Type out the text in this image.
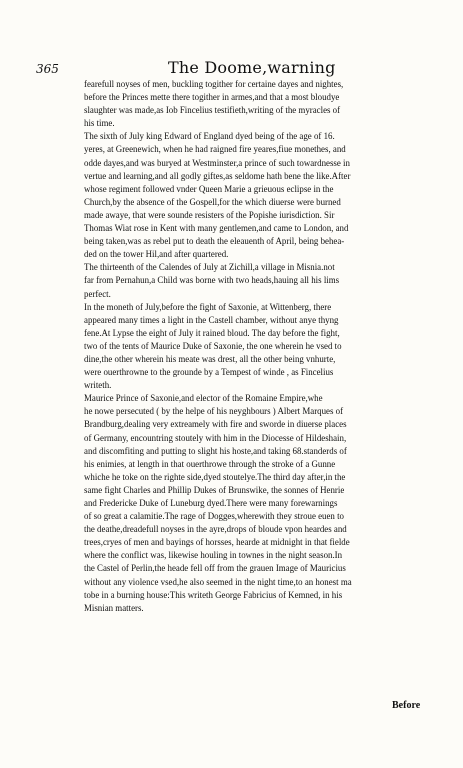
365	The Doome,warning
fearefull noyses of men, buckling togither for certaine dayes and nightes,
before the Princes mette there togither in armes,and that a most bloudye
slaughter was made,as Iob Fincelius testifieth,writing of the myracles of
his time.
The sixth of July king Edward of England dyed being of the age of 16.
yeres, at Greenewich, when he had raigned fire yeares,fiue monethes, and
odde dayes,and was buryed at Westminster,a prince of such towardnesse in
vertue and learning,and all godly giftes,as seldome hath bene the like.After
whose regiment followed vnder Queen Marie a grieuous eclipse in the
Church,by the absence of the Gospell,for the which diuerse were burned
made awaye, that were sounde resisters of the Popishe iurisdiction. Sir
Thomas Wiat rose in Kent with many gentlemen,and came to London, and
being taken,was as rebel put to death the eleauenth of April, being behea-
ded on the tower Hil,and after quartered.
The thirteenth of the Calendes of July at Zichill,a village in Misnia.not
far from Pernahun,a Child was borne with two heads,hauing all his lims
perfect.
In the moneth of July,before the fight of Saxonie, at Wittenberg, there
appeared many times a light in the Castell chamber, without anye thyng
fene.At Lypse the eight of July it rained bloud. The day before the fight,
two of the tents of Maurice Duke of Saxonie, the one wherein he vsed to
dine,the other wherein his meate was drest, all the other being vnhurte,
were ouerthrowne to the grounde by a Tempest of winde , as Fincelius
writeth.
Maurice Prince of Saxonie,and elector of the Romaine Empire,whe
he nowe persecuted ( by the helpe of his neyghbours ) Albert Marques of
Brandburg,dealing very extreamely with fire and sworde in diuerse places
of Germany, encountring stoutely with him in the Diocesse of Hildeshain,
and discomfiting and putting to slight his hoste,and taking 68.standerds of
his enimies, at length in that ouerthrowe through the stroke of a Gunne
whiche he toke on the righte side,dyed stoutelye.The third day after,in the
same fight Charles and Phillip Dukes of Brunswike, the sonnes of Henrie
and Fredericke Duke of Luneburg dyed.There were many forewarnings
of so great a calamitie.The rage of Dogges,wherewith they stroue euen to
the deathe,dreadefull noyses in the ayre,drops of bloude vpon heardes and
trees,cryes of men and bayings of horsses, hearde at midnight in that fielde
where the conflict was, likewise houling in townes in the night season.In
the Castel of Perlin,the heade fell off from the grauen Image of Mauricius
without any violence vsed,he also seemed in the night time,to an honest ma
tobe in a burning house:This writeth George Fabricius of Kemned, in his
Misnian matters.
Before
